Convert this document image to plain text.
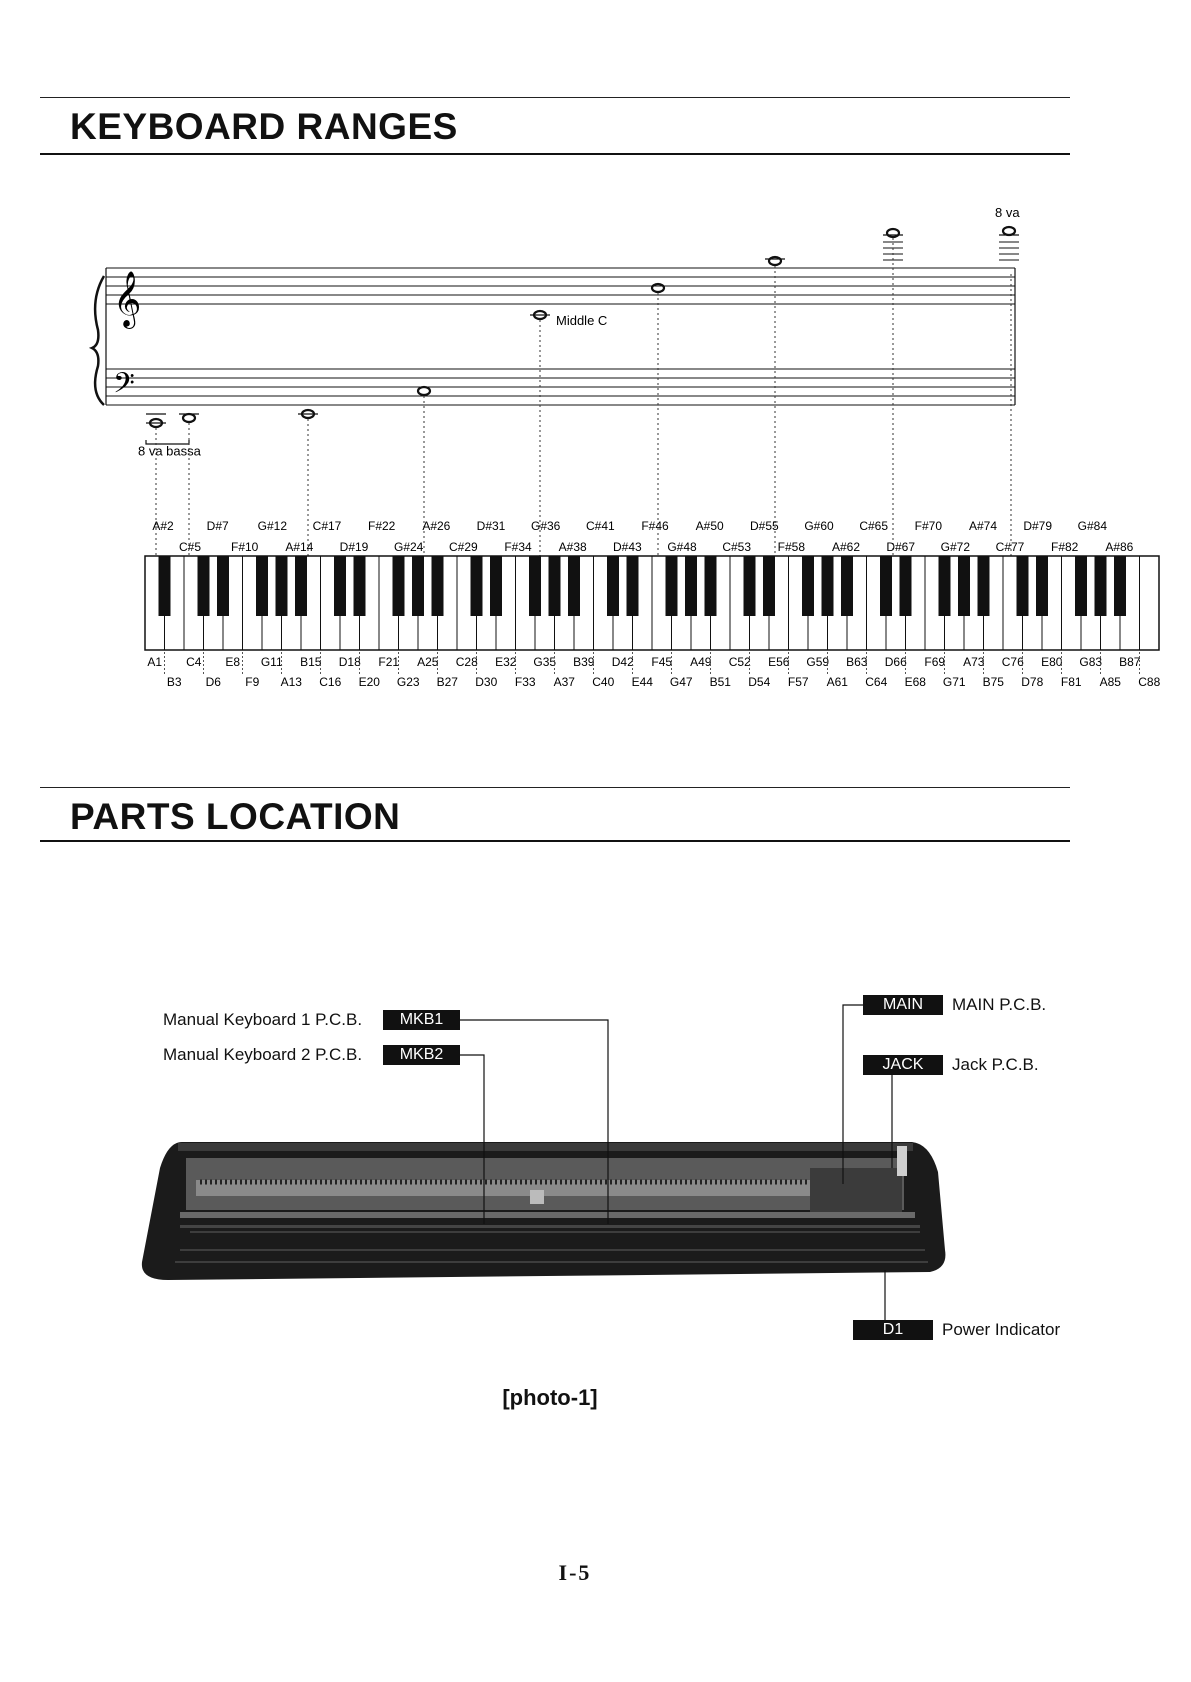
KEYBOARD RANGES
PARTS LOCATION
𝄞
𝄢
Middle C
8 va
8 va bassa
A1 C4 E8 G11 B15 D18 F21 A25 C28 E32 G35 B39 D42 F45 A49 C52 E56 G59 B63 D66 F69 A73 C76 E80 G83 B87
B3 D6 F9 A13 C16 E20 G23 B27 D30 F33 A37 C40 E44 G47 B51 D54 F57 A61 C64 E68 G71 B75 D78 F81 A85 C88
A#2	D#7 G#12 C#17 F#22 A#26 D#31 G#36 C#41 F#46 A#50 D#55 G#60 C#65 F#70 A#74 D#79 G#84
C#5 F#10 A#14 D#19 G#24 C#29 F#34 A#38 D#43 G#48 C#53 F#58 A#62 D#67 G#72 C#77 F#82 A#86
Manual Keyboard 1 P.C.B.	MKB1
Manual Keyboard 2 P.C.B.	MKB2
MAIN	MAIN P.C.B.
JACK	Jack P.C.B.
D1	Power Indicator
[photo-1]
I-5
